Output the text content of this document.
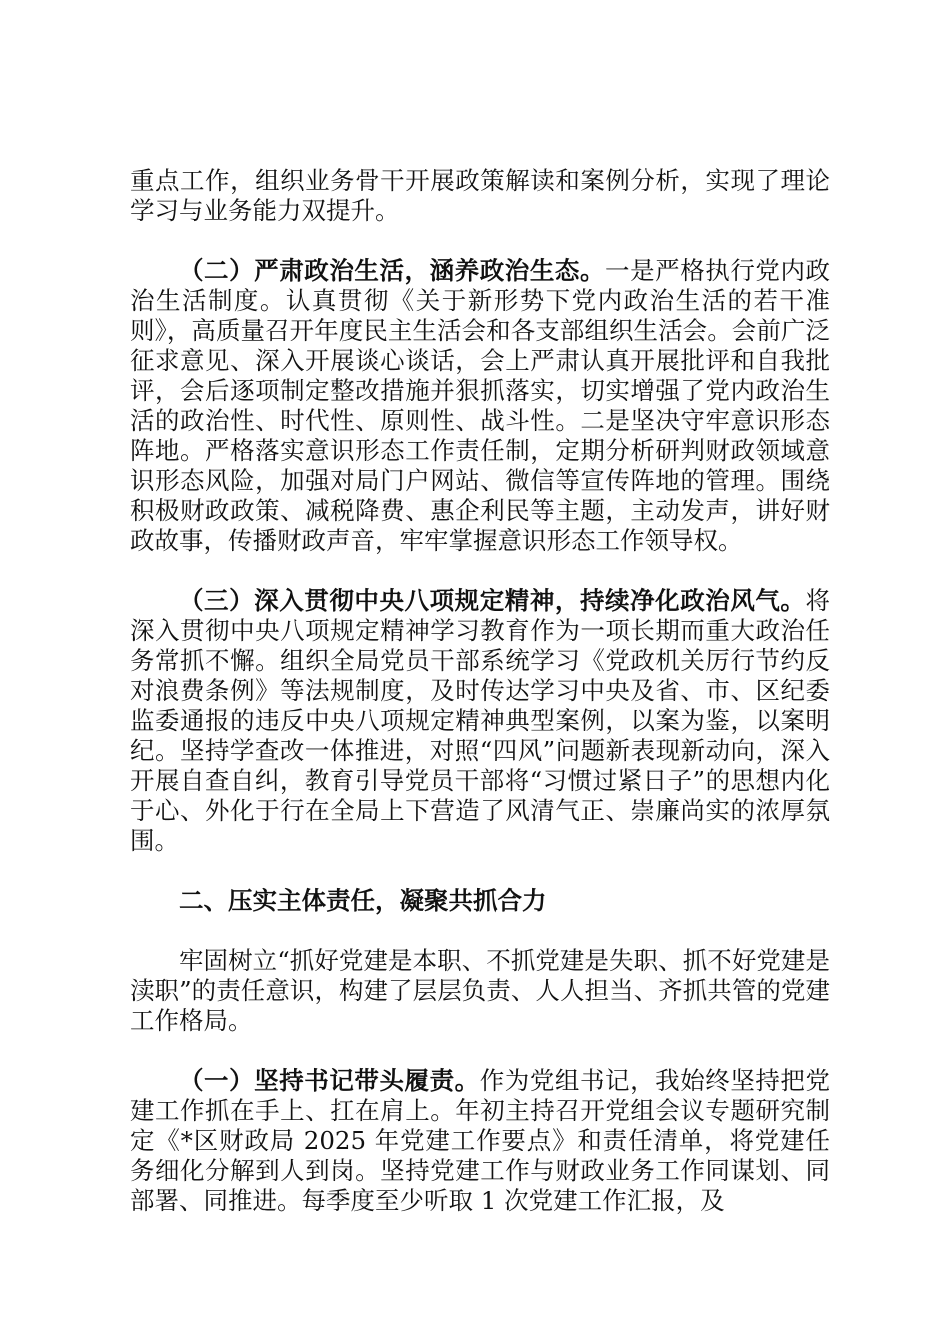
重点工作，组织业务骨干开展政策解读和案例分析，实现了理论学习与业务能力双提升。

（二）严肃政治生活，涵养政治生态。一是严格执行党内政治生活制度。认真贯彻《关于新形势下党内政治生活的若干准则》，高质量召开年度民主生活会和各支部组织生活会。会前广泛征求意见、深入开展谈心谈话，会上严肃认真开展批评和自我批评，会后逐项制定整改措施并狠抓落实，切实增强了党内政治生活的政治性、时代性、原则性、战斗性。二是坚决守牢意识形态阵地。严格落实意识形态工作责任制，定期分析研判财政领域意识形态风险，加强对局门户网站、微信等宣传阵地的管理。围绕积极财政政策、减税降费、惠企利民等主题，主动发声，讲好财政故事，传播财政声音，牢牢掌握意识形态工作领导权。

（三）深入贯彻中央八项规定精神，持续净化政治风气。将深入贯彻中央八项规定精神学习教育作为一项长期而重大政治任务常抓不懈。组织全局党员干部系统学习《党政机关厉行节约反对浪费条例》等法规制度，及时传达学习中央及省、市、区纪委监委通报的违反中央八项规定精神典型案例，以案为鉴，以案明纪。坚持学查改一体推进，对照“四风”问题新表现新动向，深入开展自查自纠，教育引导党员干部将“习惯过紧日子”的思想内化于心、外化于行在全局上下营造了风清气正、崇廉尚实的浓厚氛围。

二、压实主体责任，凝聚共抓合力

牢固树立“抓好党建是本职、不抓党建是失职、抓不好党建是渎职”的责任意识，构建了层层负责、人人担当、齐抓共管的党建工作格局。

（一）坚持书记带头履责。作为党组书记，我始终坚持把党建工作抓在手上、扛在肩上。年初主持召开党组会议专题研究制定《*区财政局 2025 年党建工作要点》和责任清单，将党建任务细化分解到人到岗。坚持党建工作与财政业务工作同谋划、同部署、同推进。每季度至少听取 1 次党建工作汇报，及
